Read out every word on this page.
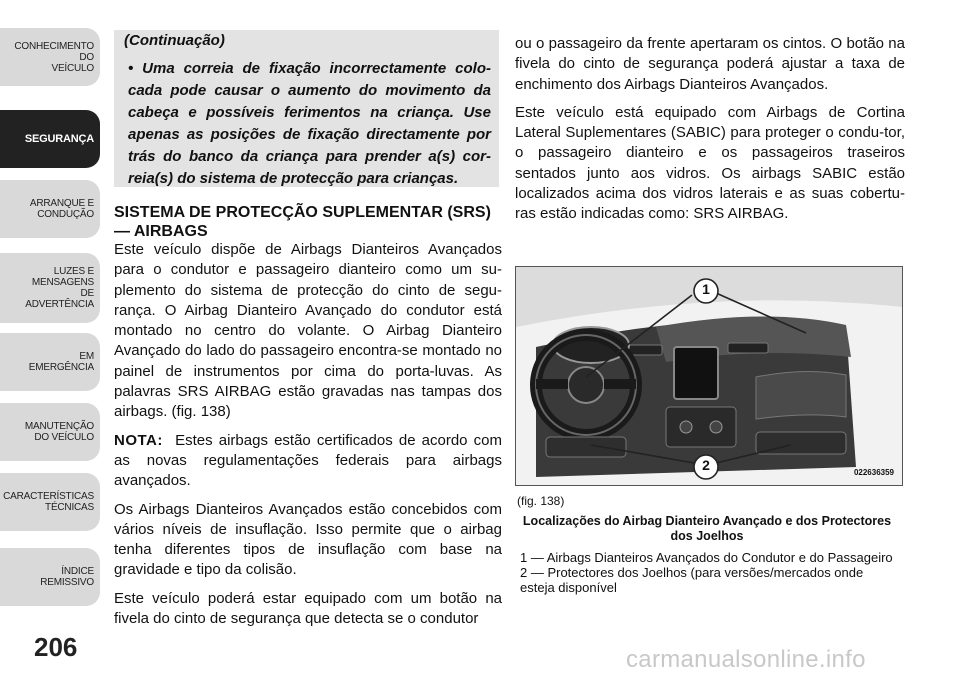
CONHECIMENTO
DO
VEÍCULO
SEGURANÇA
ARRANQUE E
CONDUÇÃO
LUZES E
MENSAGENS
DE
ADVERTÊNCIA
EM
EMERGÊNCIA
MANUTENÇÃO
DO VEÍCULO
CARACTERÍSTICAS
TÉCNICAS
ÍNDICE
REMISSIVO
206
(Continuação)
• Uma correia de fixação incorrectamente colo-cada pode causar o aumento do movimento da cabeça e possíveis ferimentos na criança. Use apenas as posições de fixação directamente por trás do banco da criança para prender a(s) cor-reia(s) do sistema de protecção para crianças.
SISTEMA DE PROTECÇÃO SUPLEMENTAR (SRS) — AIRBAGS

Este veículo dispõe de Airbags Dianteiros Avançados para o condutor e passageiro dianteiro como um su-plemento do sistema de protecção do cinto de segu-rança. O Airbag Dianteiro Avançado do condutor está montado no centro do volante. O Airbag Dianteiro Avançado do lado do passageiro encontra-se montado no painel de instrumentos por cima do porta-luvas. As palavras SRS AIRBAG estão gravadas nas tampas dos airbags. (fig. 138)

NOTA: Estes airbags estão certificados de acordo com as novas regulamentações federais para airbags avançados.

Os Airbags Dianteiros Avançados estão concebidos com vários níveis de insuflação. Isso permite que o airbag tenha diferentes tipos de insuflação com base na gravidade e tipo da colisão.

Este veículo poderá estar equipado com um botão na fivela do cinto de segurança que detecta se o condutor

ou o passageiro da frente apertaram os cintos. O botão na fivela do cinto de segurança poderá ajustar a taxa de enchimento dos Airbags Dianteiros Avançados.

Este veículo está equipado com Airbags de Cortina Lateral Suplementares (SABIC) para proteger o condu-tor, o passageiro dianteiro e os passageiros traseiros sentados junto aos vidros. Os airbags SABIC estão localizados acima dos vidros laterais e as suas cobertu-ras estão indicadas como: SRS AIRBAG.

1
2	022636359
(fig. 138)
Localizações do Airbag Dianteiro Avançado e dos Protectores dos Joelhos
1 — Airbags Dianteiros Avançados do Condutor e do Passageiro
2 — Protectores dos Joelhos (para versões/mercados onde esteja disponível
carmanualsonline.info
